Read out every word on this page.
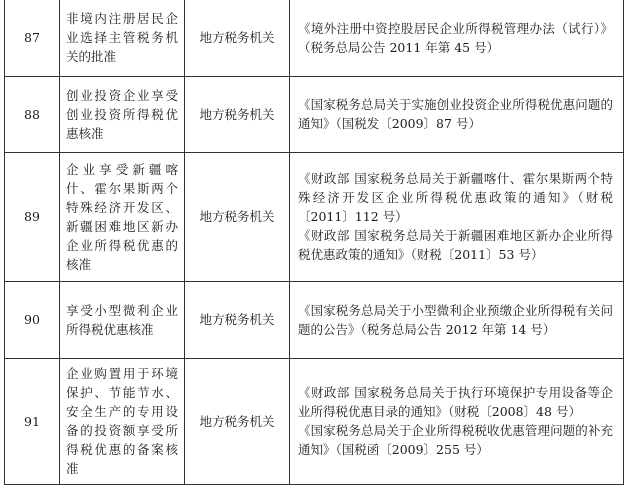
87	非境内注册居民企业选择主管税务机关的批准	地方税务机关	《境外注册中资控股居民企业所得税管理办法（试行）》（税务总局公告 2011 年第 45 号）

88	创业投资企业享受创业投资所得税优惠核准	地方税务机关	《国家税务总局关于实施创业投资企业所得税优惠问题的通知》（国税发〔2009〕87 号）

89	企业享受新疆喀什、霍尔果斯两个特殊经济开发区、新疆困难地区新办企业所得税优惠的核准	地方税务机关	《财政部 国家税务总局关于新疆喀什、霍尔果斯两个特殊经济开发区企业所得税优惠政策的通知》（财税〔2011〕112 号）
《财政部 国家税务总局关于新疆困难地区新办企业所得税优惠政策的通知》（财税〔2011〕53 号）

90	享受小型微利企业所得税优惠核准	地方税务机关	《国家税务总局关于小型微利企业预缴企业所得税有关问题的公告》（税务总局公告 2012 年第 14 号）

91	企业购置用于环境保护、节能节水、安全生产的专用设备的投资额享受所得税优惠的备案核准	地方税务机关	《财政部 国家税务总局关于执行环境保护专用设备等企业所得税优惠目录的通知》（财税〔2008〕48 号）
《国家税务总局关于企业所得税税收优惠管理问题的补充通知》（国税函〔2009〕255 号）
